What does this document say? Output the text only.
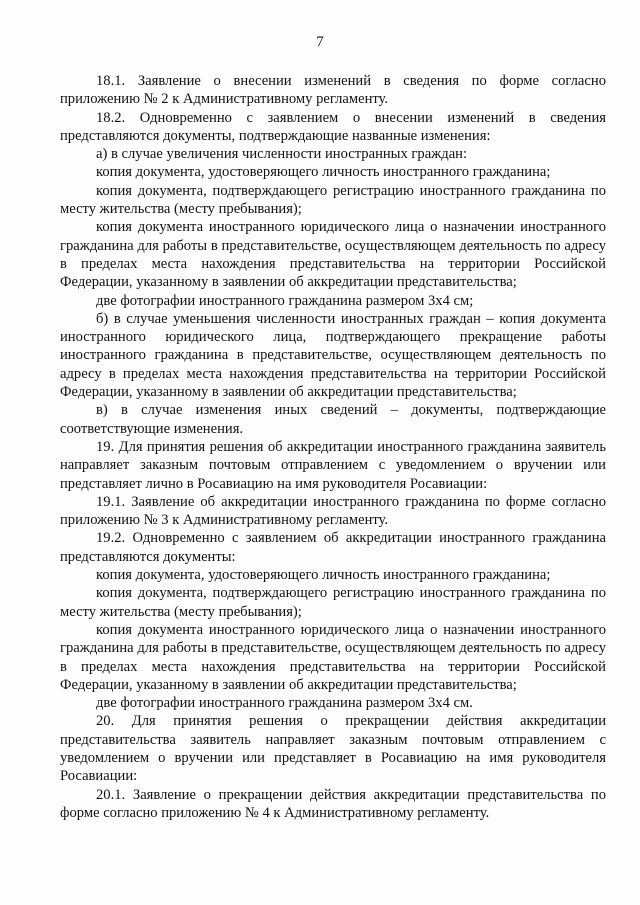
7

18.1. Заявление о внесении изменений в сведения по форме согласно приложению № 2 к Административному регламенту.

18.2. Одновременно с заявлением о внесении изменений в сведения представляются документы, подтверждающие названные изменения:

а) в случае увеличения численности иностранных граждан:

копия документа, удостоверяющего личность иностранного гражданина;

копия документа, подтверждающего регистрацию иностранного гражданина по месту жительства (месту пребывания);

копия документа иностранного юридического лица о назначении иностранного гражданина для работы в представительстве, осуществляющем деятельность по адресу в пределах места нахождения представительства на территории Российской Федерации, указанному в заявлении об аккредитации представительства;

две фотографии иностранного гражданина размером 3х4 см;

б) в случае уменьшения численности иностранных граждан – копия документа иностранного юридического лица, подтверждающего прекращение работы иностранного гражданина в представительстве, осуществляющем деятельность по адресу в пределах места нахождения представительства на территории Российской Федерации, указанному в заявлении об аккредитации представительства;

в) в случае изменения иных сведений – документы, подтверждающие соответствующие изменения.

19. Для принятия решения об аккредитации иностранного гражданина заявитель направляет заказным почтовым отправлением с уведомлением о вручении или представляет лично в Росавиацию на имя руководителя Росавиации:

19.1. Заявление об аккредитации иностранного гражданина по форме согласно приложению № 3 к Административному регламенту.

19.2. Одновременно с заявлением об аккредитации иностранного гражданина представляются документы:

копия документа, удостоверяющего личность иностранного гражданина;

копия документа, подтверждающего регистрацию иностранного гражданина по месту жительства (месту пребывания);

копия документа иностранного юридического лица о назначении иностранного гражданина для работы в представительстве, осуществляющем деятельность по адресу в пределах места нахождения представительства на территории Российской Федерации, указанному в заявлении об аккредитации представительства;

две фотографии иностранного гражданина размером 3х4 см.

20. Для принятия решения о прекращении действия аккредитации представительства заявитель направляет заказным почтовым отправлением с уведомлением о вручении или представляет в Росавиацию на имя руководителя Росавиации:

20.1. Заявление о прекращении действия аккредитации представительства по форме согласно приложению № 4 к Административному регламенту.
